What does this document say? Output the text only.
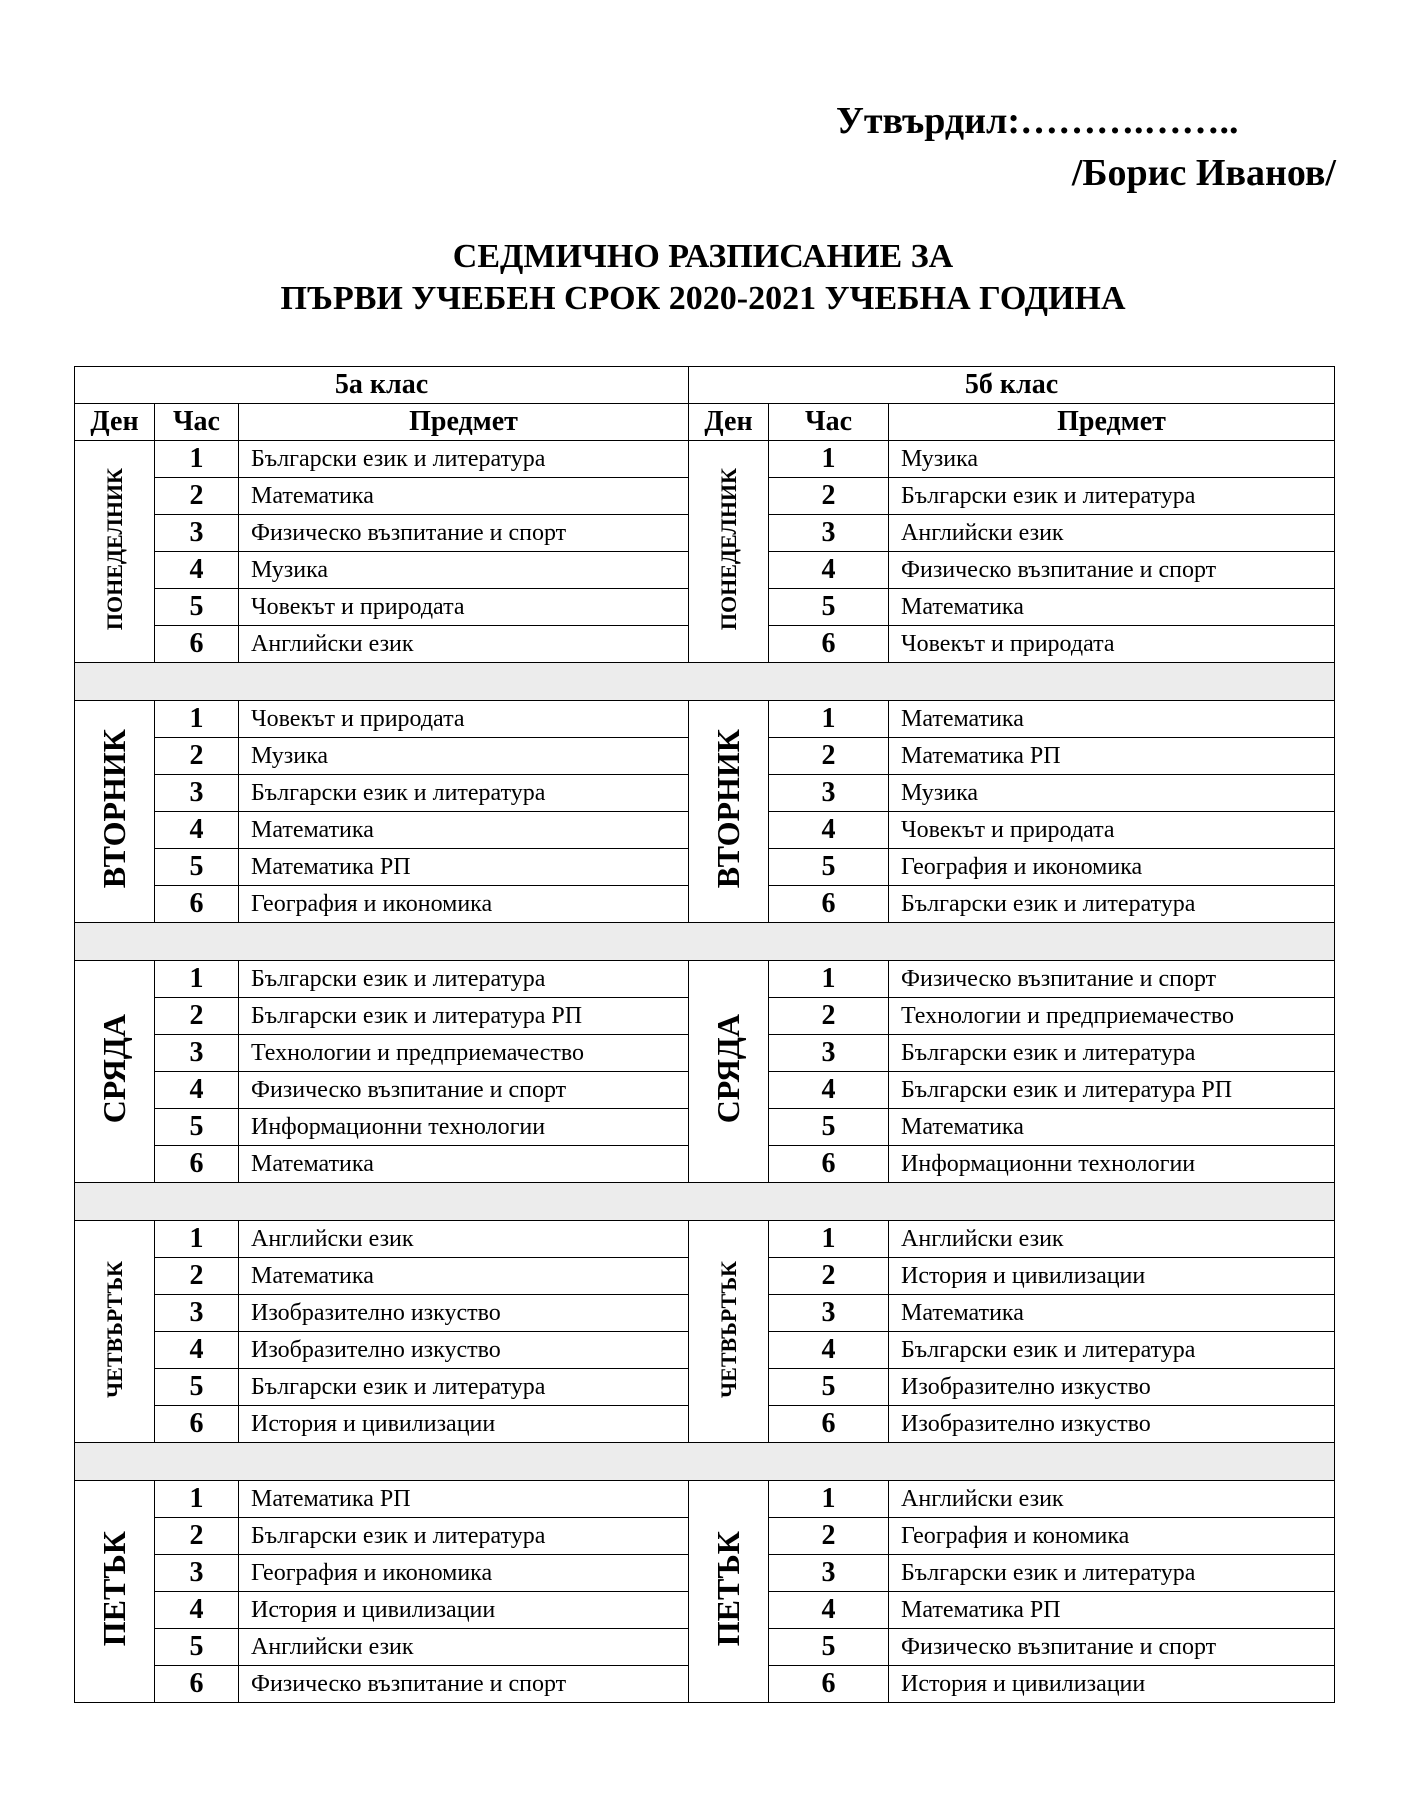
Утвърдил:……….……..
/Борис Иванов/
СЕДМИЧНО РАЗПИСАНИЕ ЗА
ПЪРВИ УЧЕБЕН СРОК 2020-2021 УЧЕБНА ГОДИНА
5а клас			5б клас		
Ден	Час	Предмет	Ден	Час	Предмет
ПОНЕДЕЛНИК	1	Български език и литература	ПОНЕДЕЛНИК	1	Музика
	2	Математика		2	Български език и литература
	3	Физическо възпитание и спорт		3	Английски език
	4	Музика		4	Физическо възпитание и спорт
	5	Човекът и природата		5	Математика
	6	Английски език		6	Човекът и природата

ВТОРНИК	1	Човекът и природата	ВТОРНИК	1	Математика
	2	Музика		2	Математика РП
	3	Български език и литература		3	Музика
	4	Математика		4	Човекът и природата
	5	Математика РП		5	География и икономика
	6	География и икономика		6	Български език и литература

СРЯДА	1	Български език и литература	СРЯДА	1	Физическо възпитание и спорт
	2	Български език и литература РП		2	Технологии и предприемачество
	3	Технологии и предприемачество		3	Български език и литература
	4	Физическо възпитание и спорт		4	Български език и литература РП
	5	Информационни технологии		5	Математика
	6	Математика		6	Информационни технологии

ЧЕТВЪРТЪК	1	Английски език	ЧЕТВЪРТЪК	1	Английски език
	2	Математика		2	История и цивилизации
	3	Изобразително изкуство		3	Математика
	4	Изобразително изкуство		4	Български език и литература
	5	Български език и литература		5	Изобразително изкуство
	6	История и цивилизации		6	Изобразително изкуство

ПЕТЪК	1	Математика РП	ПЕТЪК	1	Английски език
	2	Български език и литература		2	География и кономика
	3	География и икономика		3	Български език и литература
	4	История и цивилизации		4	Математика РП
	5	Английски език		5	Физическо възпитание и спорт
	6	Физическо възпитание и спорт		6	История и цивилизации
